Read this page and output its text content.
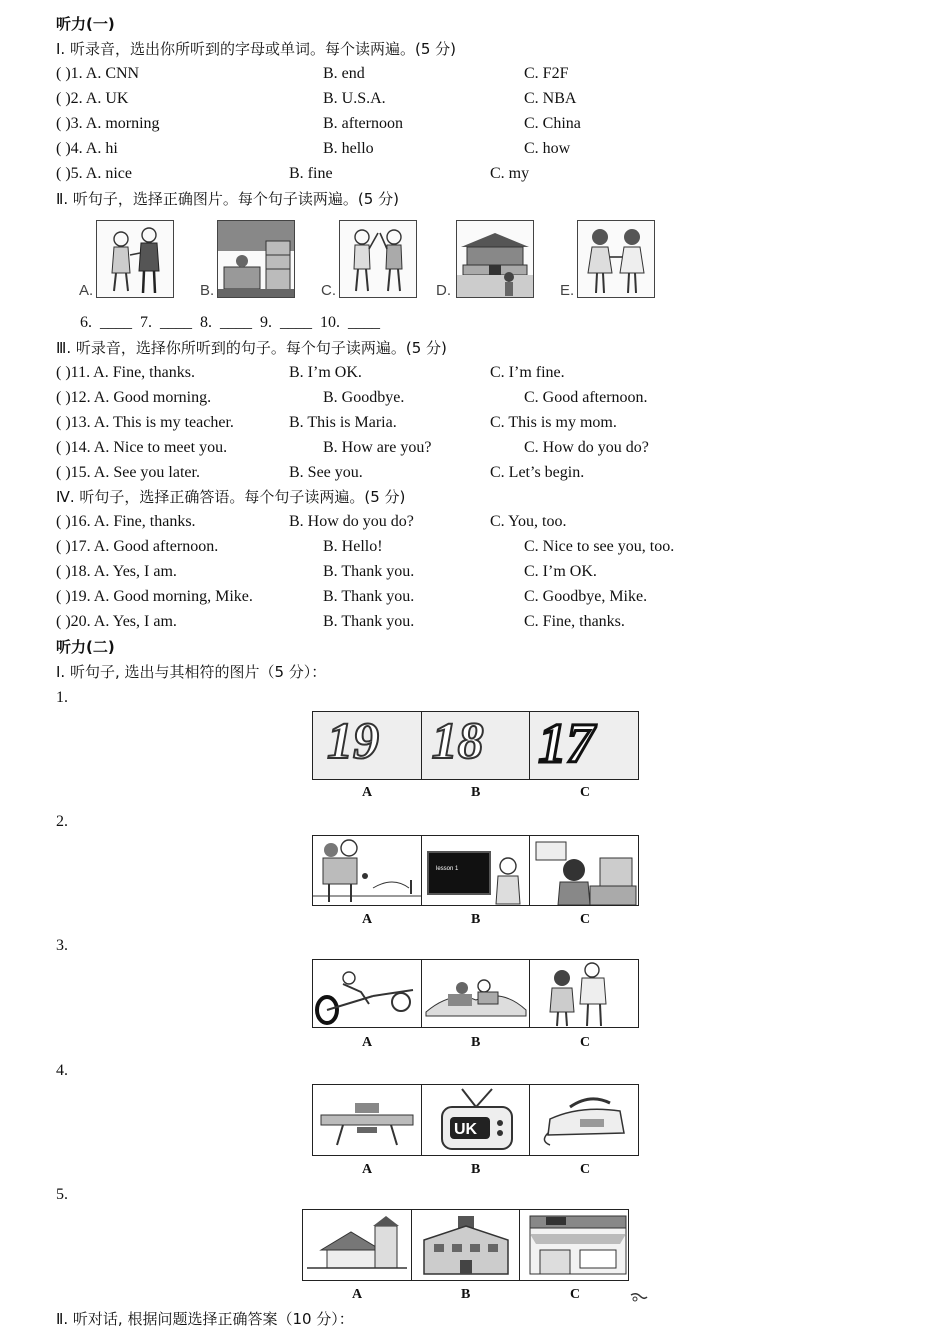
听力(一)
Ⅰ. 听录音，选出你所听到的字母或单词。每个读两遍。(5 分)
( )1. A. CNN	B. end	C. F2F
( )2. A. UK	B. U.S.A.	C. NBA
( )3. A. morning	B. afternoon	C. China
( )4. A. hi	B. hello	C. how
( )5. A. nice	B. fine	C. my
Ⅱ. 听句子，选择正确图片。每个句子读两遍。(5 分)
A.	B.	C.	D.	E.
6. ____ 7. ____ 8. ____ 9. ____ 10. ____
Ⅲ. 听录音，选择你所听到的句子。每个句子读两遍。(5 分)
( )11. A. Fine, thanks.	B. I’m OK.	C. I’m fine.
( )12. A. Good morning.	B. Goodbye.	C. Good afternoon.
( )13. A. This is my teacher.	B. This is Maria.	C. This is my mom.
( )14. A. Nice to meet you.	B. How are you?	C. How do you do?
( )15. A. See you later.	B. See you.	C. Let’s begin.
Ⅳ. 听句子，选择正确答语。每个句子读两遍。(5 分)
( )16. A. Fine, thanks.	B. How do you do?	C. You, too.
( )17. A. Good afternoon.	B. Hello!	C. Nice to see you, too.
( )18. A. Yes, I am.	B. Thank you.	C. I’m OK.
( )19. A. Good morning, Mike.	B. Thank you.	C. Goodbye, Mike.
( )20. A. Yes, I am.	B. Thank you.	C. Fine, thanks.
听力(二)
Ⅰ. 听句子, 选出与其相符的图片（5 分）：
1.
19 18 17
A	B	C
2.
lesson 1
A	B	C
3.
A	B	C
4.
UK
A	B	C
5.
A	B	C
Ⅱ. 听对话, 根据问题选择正确答案（10 分）：
